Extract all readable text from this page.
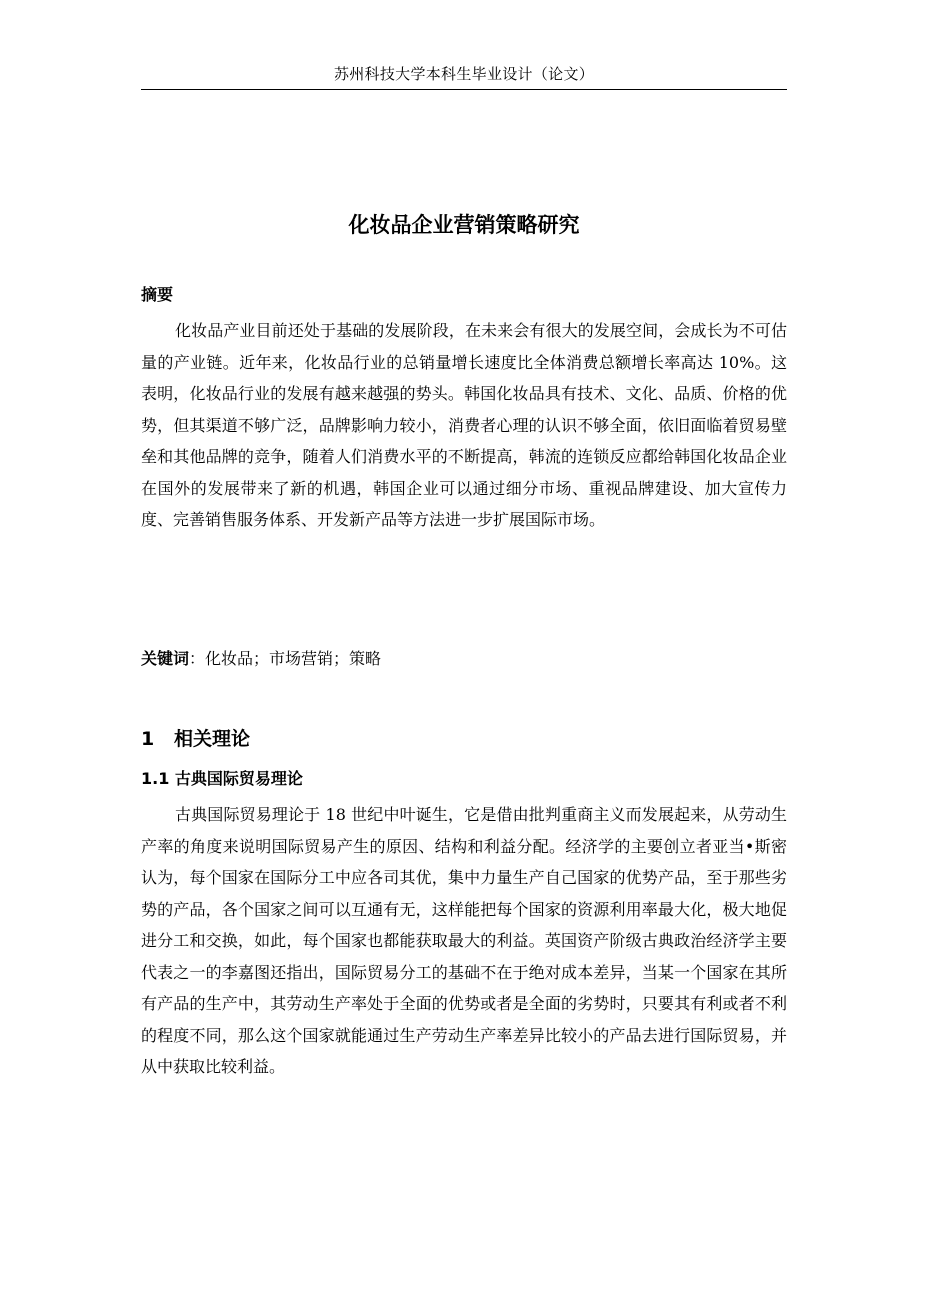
苏州科技大学本科生毕业设计（论文）
化妆品企业营销策略研究
摘要

化妆品产业目前还处于基础的发展阶段，在未来会有很大的发展空间，会成长为不可估量的产业链。近年来，化妆品行业的总销量增长速度比全体消费总额增长率高达 10%。这表明，化妆品行业的发展有越来越强的势头。韩国化妆品具有技术、文化、品质、价格的优势，但其渠道不够广泛，品牌影响力较小，消费者心理的认识不够全面，依旧面临着贸易壁垒和其他品牌的竞争，随着人们消费水平的不断提高，韩流的连锁反应都给韩国化妆品企业在国外的发展带来了新的机遇，韩国企业可以通过细分市场、重视品牌建设、加大宣传力度、完善销售服务体系、开发新产品等方法进一步扩展国际市场。

关键词：化妆品；市场营销；策略
1 相关理论
1.1 古典国际贸易理论

古典国际贸易理论于 18 世纪中叶诞生，它是借由批判重商主义而发展起来，从劳动生产率的角度来说明国际贸易产生的原因、结构和利益分配。经济学的主要创立者亚当•斯密认为，每个国家在国际分工中应各司其优，集中力量生产自己国家的优势产品，至于那些劣势的产品，各个国家之间可以互通有无，这样能把每个国家的资源利用率最大化，极大地促进分工和交换，如此，每个国家也都能获取最大的利益。英国资产阶级古典政治经济学主要代表之一的李嘉图还指出，国际贸易分工的基础不在于绝对成本差异，当某一个国家在其所有产品的生产中，其劳动生产率处于全面的优势或者是全面的劣势时，只要其有利或者不利的程度不同，那么这个国家就能通过生产劳动生产率差异比较小的产品去进行国际贸易，并从中获取比较利益。
